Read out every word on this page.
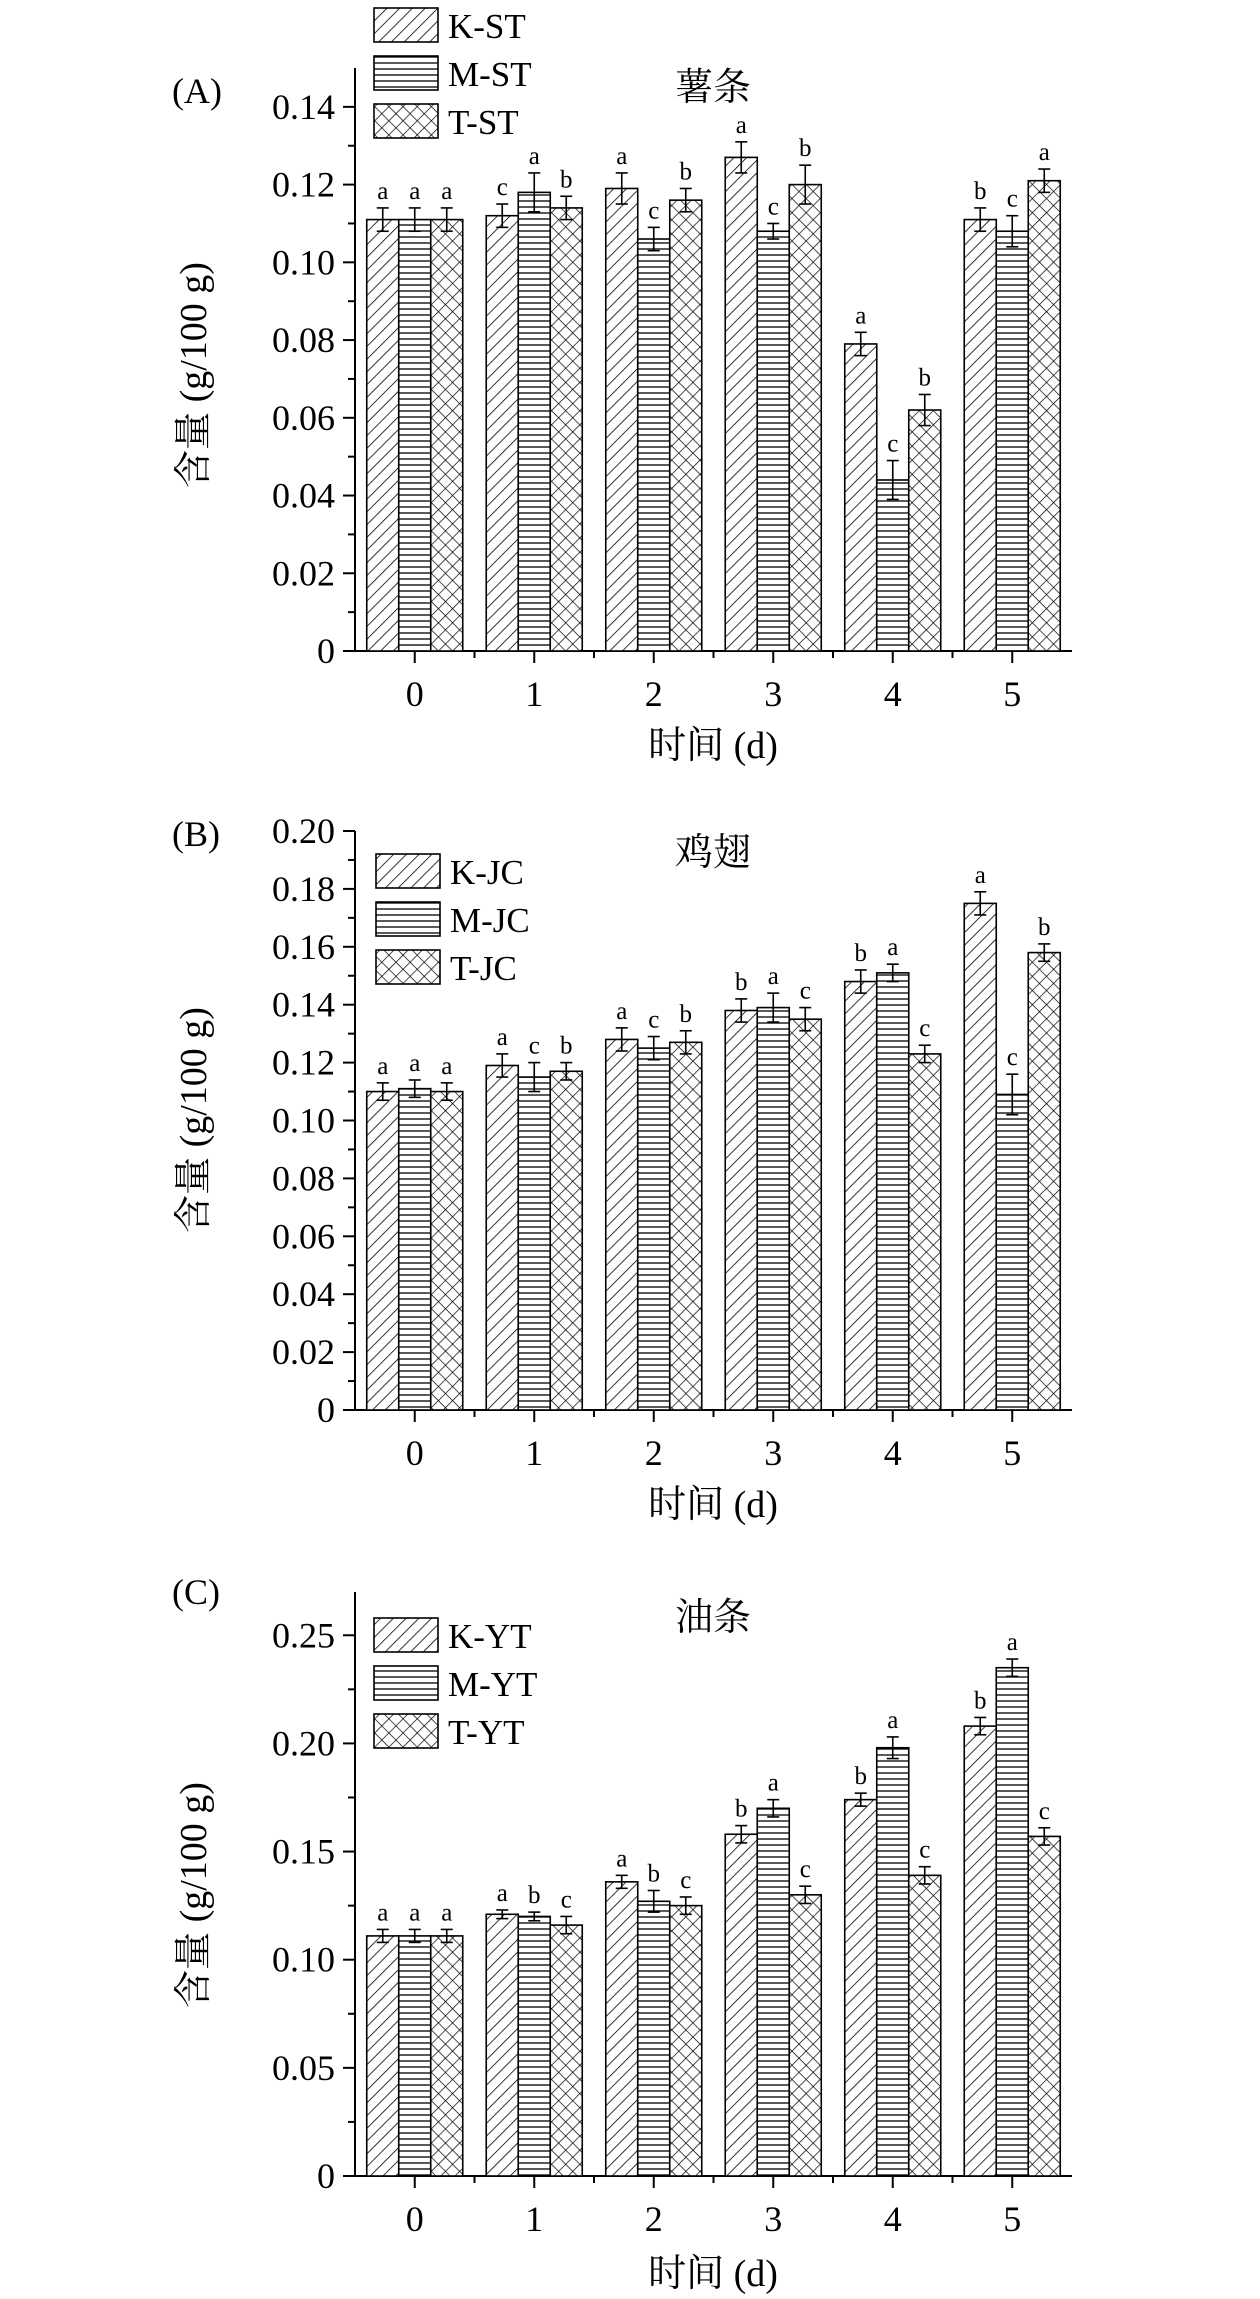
0
0.02
0.04
0.06
0.08
0.10
0.12
0.14
0	1	2	3	4	5
a a a c
a
b
a
c
b
a
c
b
a
c
b
b c
a
K-ST
M-ST
T-ST
(A)	薯条
时间 (d)
含量 (g/100 g)
0
0.02
0.04
0.06
0.08
0.10
0.12
0.14
0.16
0.18
0.20
0	1	2	3	4	5
a a a
a c b
a c b
b a
c
b a
c
a
c
b
K-JC
M-JC
T-JC
(B)	鸡翅
时间 (d)
含量 (g/100 g)
0
0.05
0.10
0.15
0.20
0.25
0	1	2	3	4	5
a a a
a b c
a
b c
b
a
c
b
a
c
b
a
c
K-YT
M-YT
T-YT
(C)
油条
时间 (d)
含量 (g/100 g)
